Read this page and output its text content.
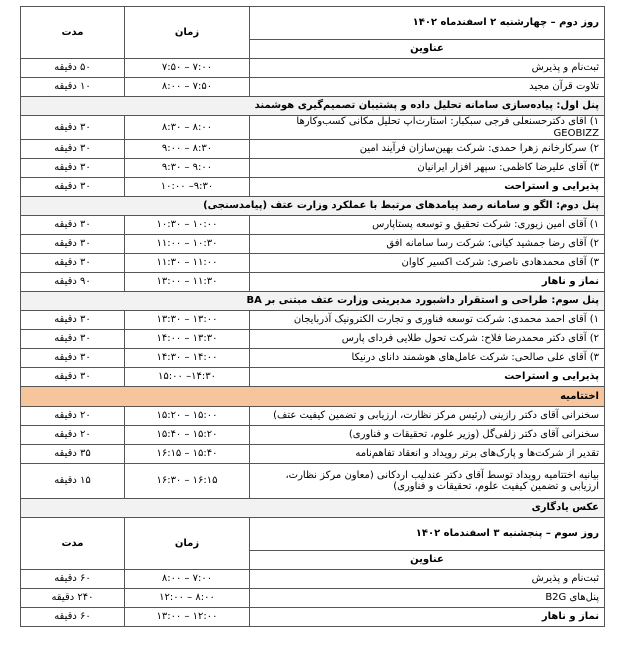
روز دوم – چهارشنبه ۲ اسفندماه ۱۴۰۲	زمان	مدت
عناوین		
ثبت‌نام و پذیرش	۷:۰۰ – ۷:۵۰	۵۰ دقیقه
تلاوت قرآن مجید	۷:۵۰ – ۸:۰۰	۱۰ دقیقه
پنل اول: پیاده‌سازی سامانه تحلیل داده و پشتیبان تصمیم‌گیری هوشمند		
۱) آقای دکترحسنعلی فرجی سبکبار: استارت‌آپ تحلیل مکانی کسب‌وکارها GEOBIZZ	۸:۰۰ – ۸:۳۰	۳۰ دقیقه
۲) سرکارخانم زهرا حمدی: شرکت بهین‌سازان فرآیند امین	۸:۳۰ – ۹:۰۰	۳۰ دقیقه
۳) آقای علیرضا کاظمی: سپهر افزار ایرانیان	۹:۰۰ – ۹:۳۰	۳۰ دقیقه
پذیرایی و استراحت	۹:۳۰– ۱۰:۰۰	۳۰ دقیقه
پنل دوم: الگو و سامانه رصد پیامدهای مرتبط با عملکرد وزارت عتف (پیامدسنجی)		
۱) آقای امین زیوری: شرکت تحقیق و توسعه پستاپارس	۱۰:۰۰ – ۱۰:۳۰	۳۰ دقیقه
۲) آقای رضا جمشید کیانی: شرکت رسا سامانه افق	۱۰:۳۰ – ۱۱:۰۰	۳۰ دقیقه
۳) آقای محمدهادی ناصری: شرکت اکسیر کاوان	۱۱:۰۰ – ۱۱:۳۰	۳۰ دقیقه
نماز و ناهار	۱۱:۳۰ – ۱۳:۰۰	۹۰ دقیقه
پنل سوم: طراحی و استقرار داشبورد مدیریتی وزارت عتف مبتنی بر BA		
۱) آقای احمد محمدی: شرکت توسعه فناوری و تجارت الکترونیک آذربایجان	۱۳:۰۰ – ۱۳:۳۰	۳۰ دقیقه
۲) آقای دکتر محمدرضا فلاح: شرکت تحول طلایی فردای پارس	۱۳:۳۰ – ۱۴:۰۰	۳۰ دقیقه
۳) آقای علی صالحی: شرکت عامل‌های هوشمند دانای درنیکا	۱۴:۰۰ – ۱۴:۳۰	۳۰ دقیقه
پذیرایی و استراحت	۱۴:۳۰– ۱۵:۰۰	۳۰ دقیقه
اختتامیه		
سخنرانی آقای دکتر رازینی (رئیس مرکز نظارت، ارزیابی و تضمین کیفیت عتف)	۱۵:۰۰ – ۱۵:۲۰	۲۰ دقیقه
سخنرانی آقای دکتر زلفی‌گل (وزیر علوم، تحقیقات و فناوری)	۱۵:۲۰ – ۱۵:۴۰	۲۰ دقیقه
تقدیر از شرکت‌ها و پارک‌های برتر رویداد و انعقاد تفاهم‌نامه	۱۵:۴۰ – ۱۶:۱۵	۳۵ دقیقه
بیانیه اختتامیه رویداد توسط آقای دکتر عندلیب اردکانی (معاون مرکز نظارت، ارزیابی و تضمین کیفیت علوم، تحقیقات و فناوری)	۱۶:۱۵ – ۱۶:۳۰	۱۵ دقیقه
عکس یادگاری		
روز سوم – پنجشنبه ۳ اسفندماه ۱۴۰۲	زمان	مدت
عناوین		
ثبت‌نام و پذیرش	۷:۰۰ – ۸:۰۰	۶۰ دقیقه
پنل‌های B2G	۸:۰۰ – ۱۲:۰۰	۲۴۰ دقیقه
نماز و ناهار	۱۲:۰۰ – ۱۳:۰۰	۶۰ دقیقه
